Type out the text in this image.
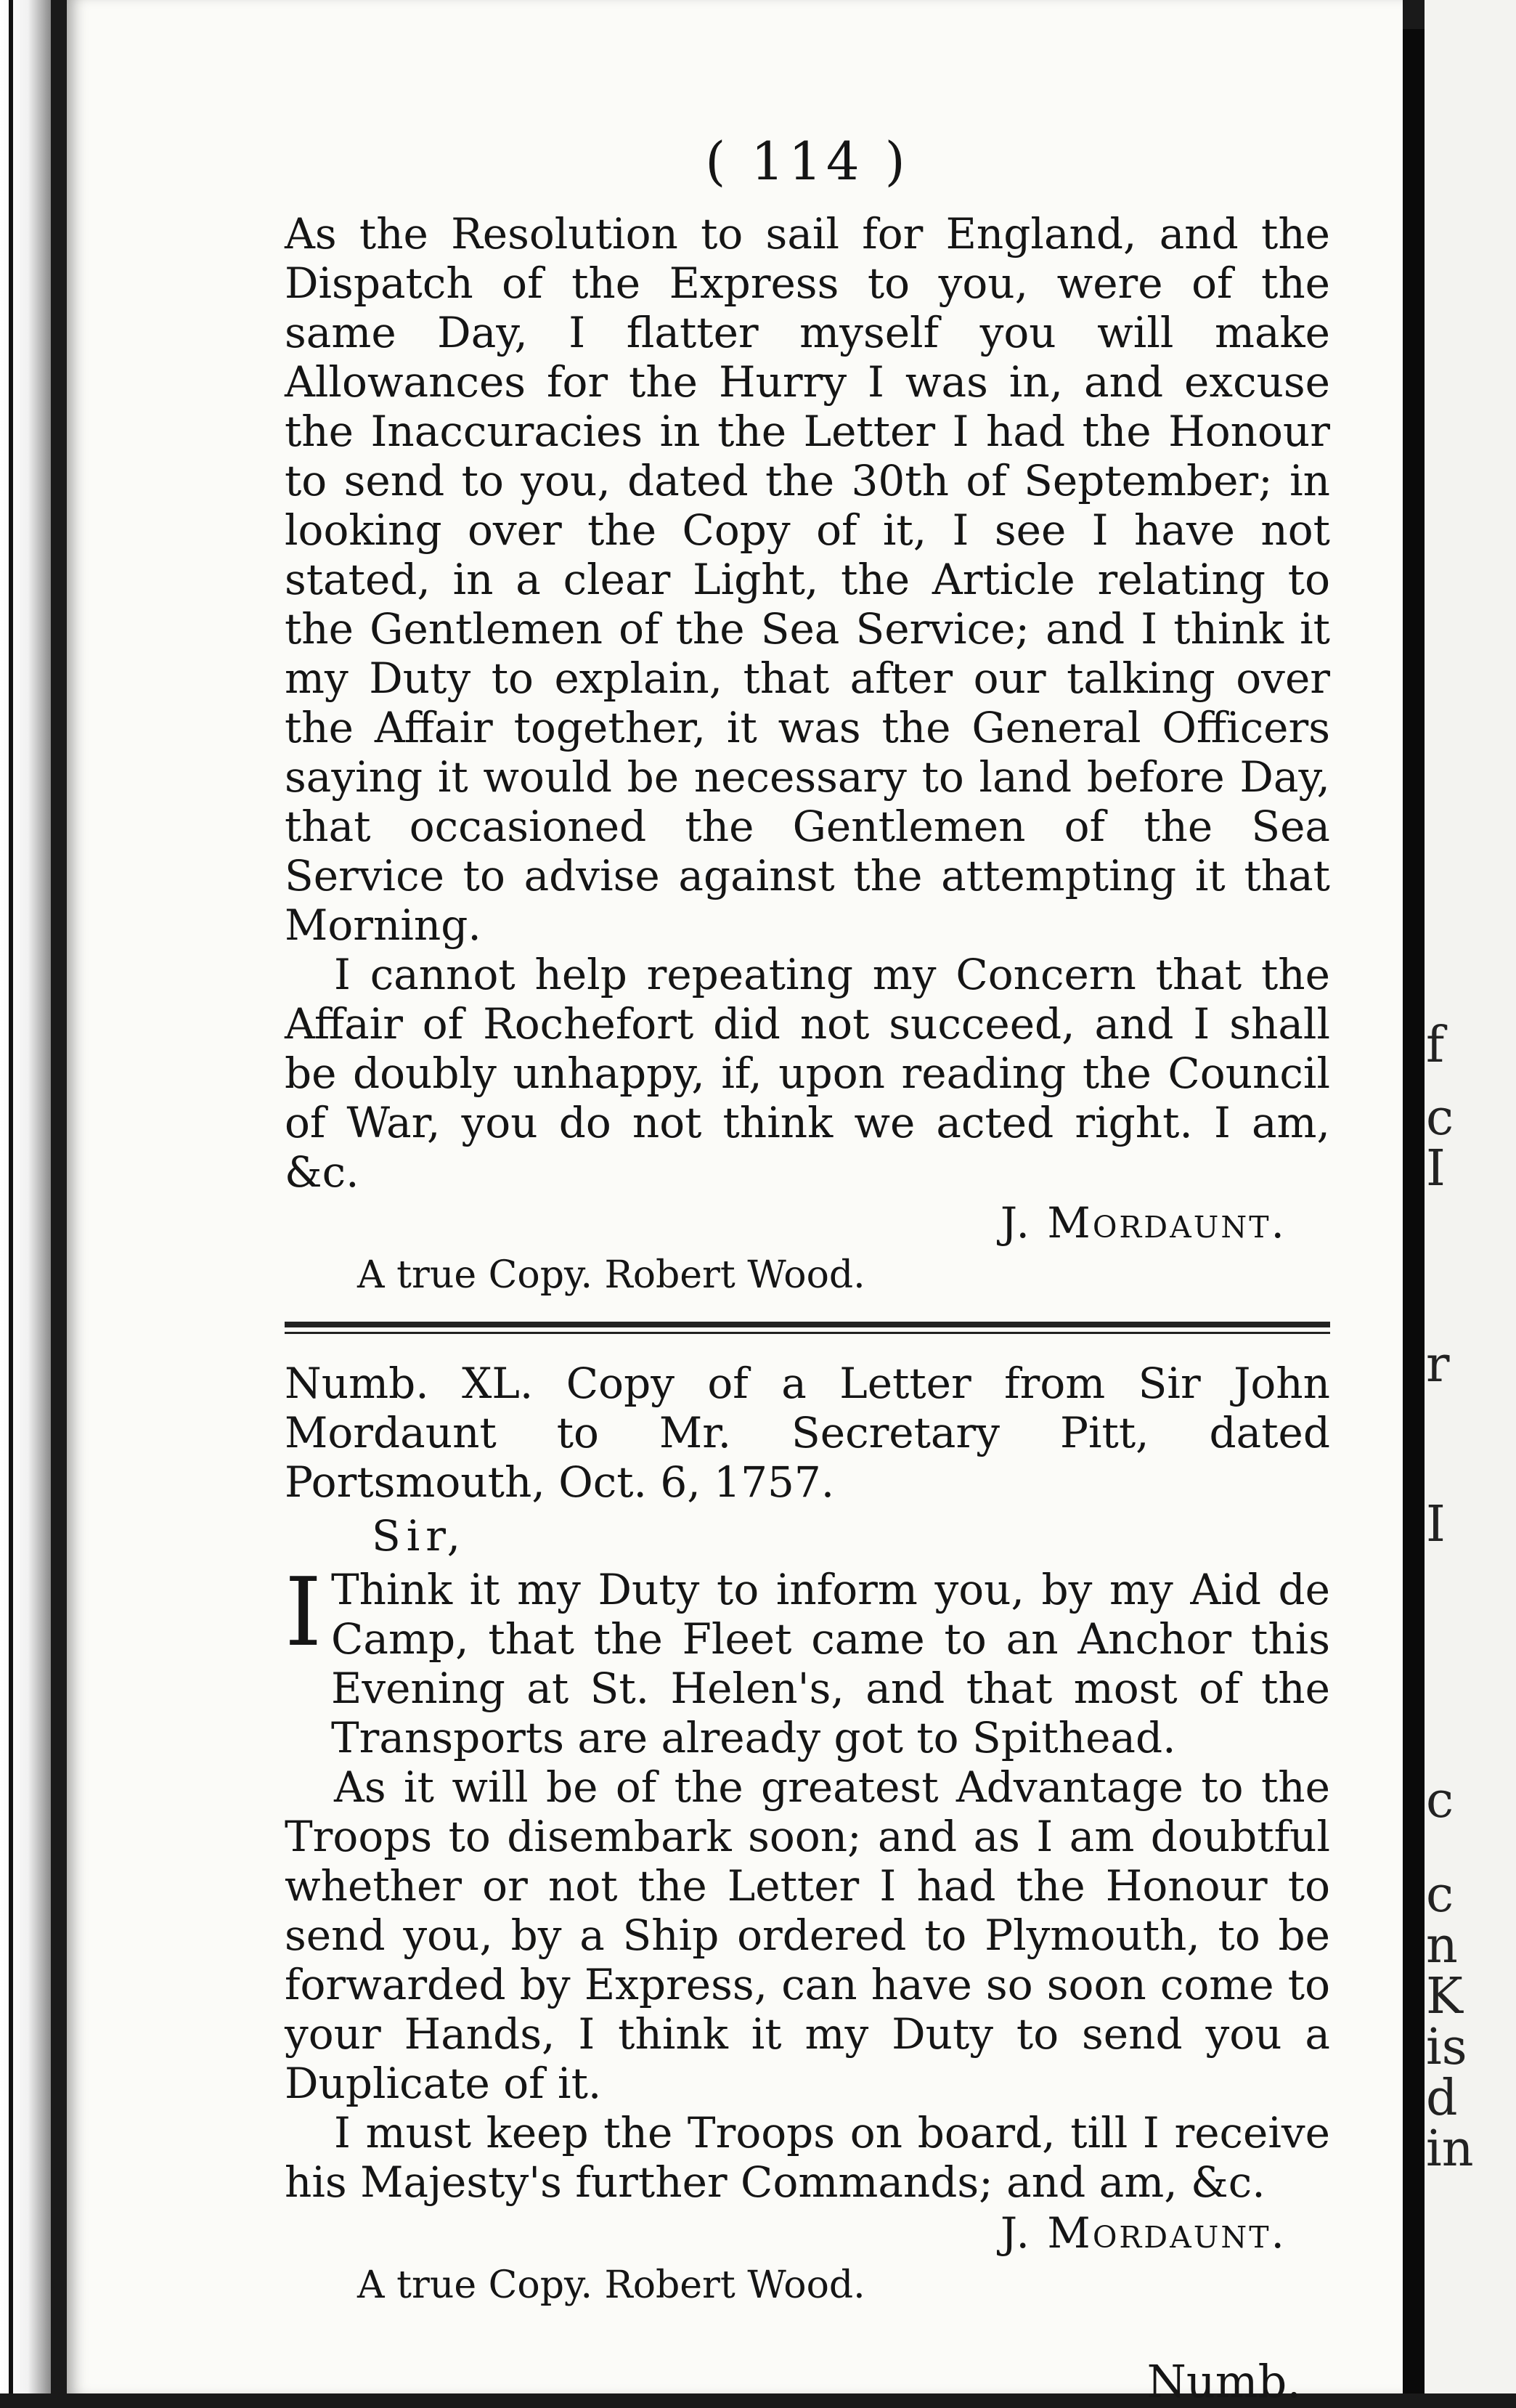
( 114 )

As the Resolution to sail for England, and the Dispatch of the Express to you, were of the same Day, I flatter myself you will make Allowances for the Hurry I was in, and excuse the Inaccuracies in the Letter I had the Honour to send to you, dated the 30th of September; in looking over the Copy of it, I see I have not stated, in a clear Light, the Article relating to the Gentlemen of the Sea Service; and I think it my Duty to explain, that after our talking over the Affair together, it was the General Officers saying it would be necessary to land before Day, that occasioned the Gentlemen of the Sea Service to advise against the attempting it that Morning.

I cannot help repeating my Concern that the Affair of Rochefort did not succeed, and I shall be doubly unhappy, if, upon reading the Council of War, you do not think we acted right. I am, &c.

J. Mordaunt.
A true Copy. Robert Wood.

Numb. XL. Copy of a Letter from Sir John Mordaunt to Mr. Secretary Pitt, dated Portsmouth, Oct. 6, 1757.

Sir,
I Think it my Duty to inform you, by my Aid de Camp, that the Fleet came to an Anchor this Evening at St. Helen's, and that most of the Transports are already got to Spithead.

As it will be of the greatest Advantage to the Troops to disembark soon; and as I am doubtful whether or not the Letter I had the Honour to send you, by a Ship ordered to Plymouth, to be forwarded by Express, can have so soon come to your Hands, I think it my Duty to send you a Duplicate of it.

I must keep the Troops on board, till I receive his Majesty's further Commands; and am, &c.

J. Mordaunt.
A true Copy. Robert Wood.
Numb.
f
c
I
r
I
c
c
n
K
is
d
in
